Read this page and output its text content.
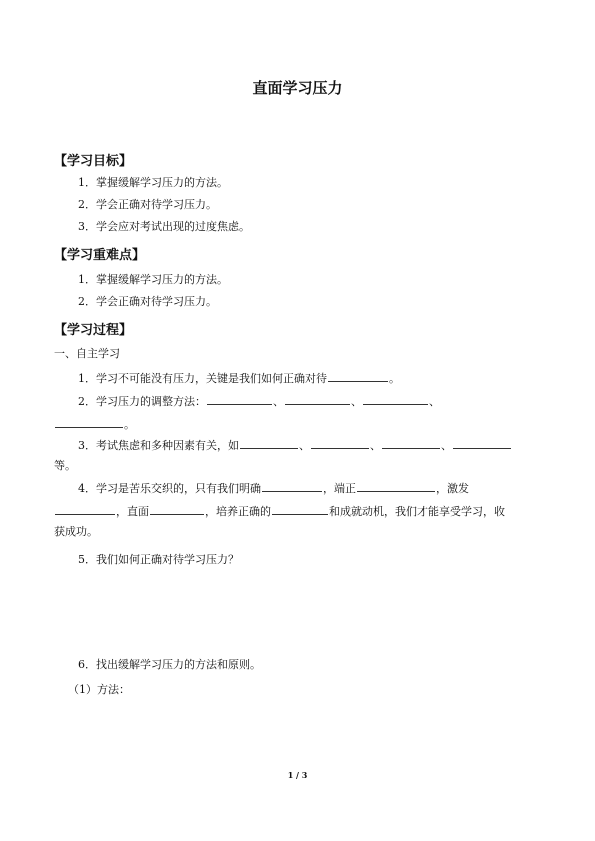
直面学习压力
【学习目标】
1．掌握缓解学习压力的方法。
2．学会正确对待学习压力。
3．学会应对考试出现的过度焦虑。
【学习重难点】
1．掌握缓解学习压力的方法。
2．学会正确对待学习压力。
【学习过程】
一、自主学习
1．学习不可能没有压力，关键是我们如何正确对待	。
2．学习压力的调整方法：	、	、	、
。
3．考试焦虑和多种因素有关，如	、	、	、
等。
4．学习是苦乐交织的，只有我们明确	，端正	，激发
，直面	，培养正确的	和成就动机，我们才能享受学习，收
获成功。
5．我们如何正确对待学习压力？
6．找出缓解学习压力的方法和原则。
（1）方法：
1 / 3
